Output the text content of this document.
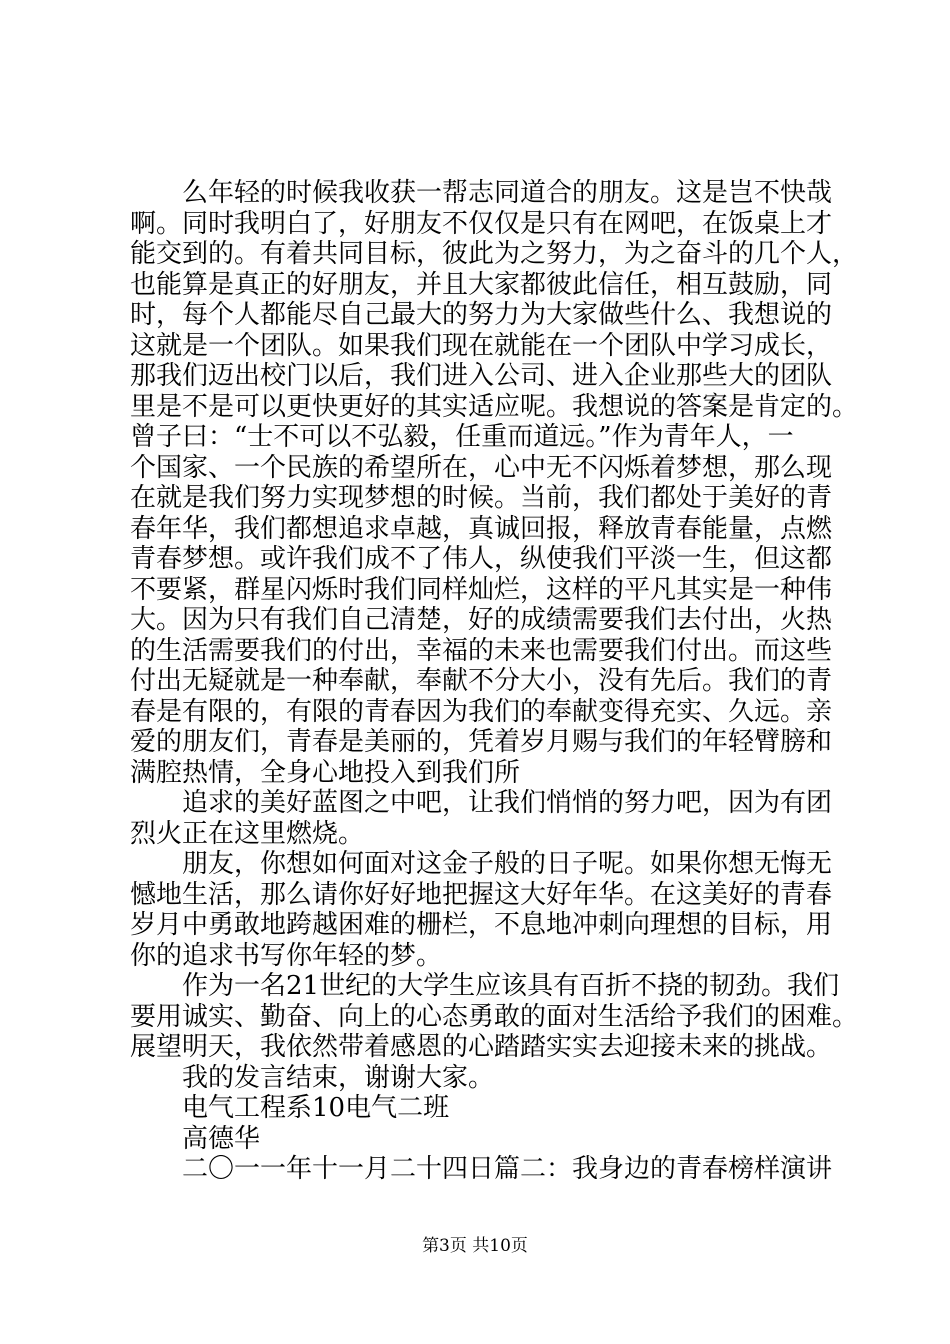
么年轻的时候我收获一帮志同道合的朋友。这是岂不快哉
啊。同时我明白了，好朋友不仅仅是只有在网吧，在饭桌上才
能交到的。有着共同目标，彼此为之努力，为之奋斗的几个人，
也能算是真正的好朋友，并且大家都彼此信任，相互鼓励，同
时，每个人都能尽自己最大的努力为大家做些什么、我想说的
这就是一个团队。如果我们现在就能在一个团队中学习成长，
那我们迈出校门以后，我们进入公司、进入企业那些大的团队
里是不是可以更快更好的其实适应呢。我想说的答案是肯定的。
曾子曰：“士不可以不弘毅，任重而道远。”作为青年人，一
个国家、一个民族的希望所在，心中无不闪烁着梦想，那么现
在就是我们努力实现梦想的时候。当前，我们都处于美好的青
春年华，我们都想追求卓越，真诚回报，释放青春能量，点燃
青春梦想。或许我们成不了伟人，纵使我们平淡一生，但这都
不要紧，群星闪烁时我们同样灿烂，这样的平凡其实是一种伟
大。因为只有我们自己清楚，好的成绩需要我们去付出，火热
的生活需要我们的付出，幸福的未来也需要我们付出。而这些
付出无疑就是一种奉献，奉献不分大小，没有先后。我们的青
春是有限的，有限的青春因为我们的奉献变得充实、久远。亲
爱的朋友们，青春是美丽的，凭着岁月赐与我们的年轻臂膀和
满腔热情，全身心地投入到我们所
追求的美好蓝图之中吧，让我们悄悄的努力吧，因为有团
烈火正在这里燃烧。
朋友，你想如何面对这金子般的日子呢。如果你想无悔无
憾地生活，那么请你好好地把握这大好年华。在这美好的青春
岁月中勇敢地跨越困难的栅栏，不息地冲刺向理想的目标，用
你的追求书写你年轻的梦。
作为一名21世纪的大学生应该具有百折不挠的韧劲。我们
要用诚实、勤奋、向上的心态勇敢的面对生活给予我们的困难。
展望明天，我依然带着感恩的心踏踏实实去迎接未来的挑战。
我的发言结束，谢谢大家。
电气工程系10电气二班
高德华
二〇一一年十一月二十四日篇二：我身边的青春榜样演讲
第3页 共10页
